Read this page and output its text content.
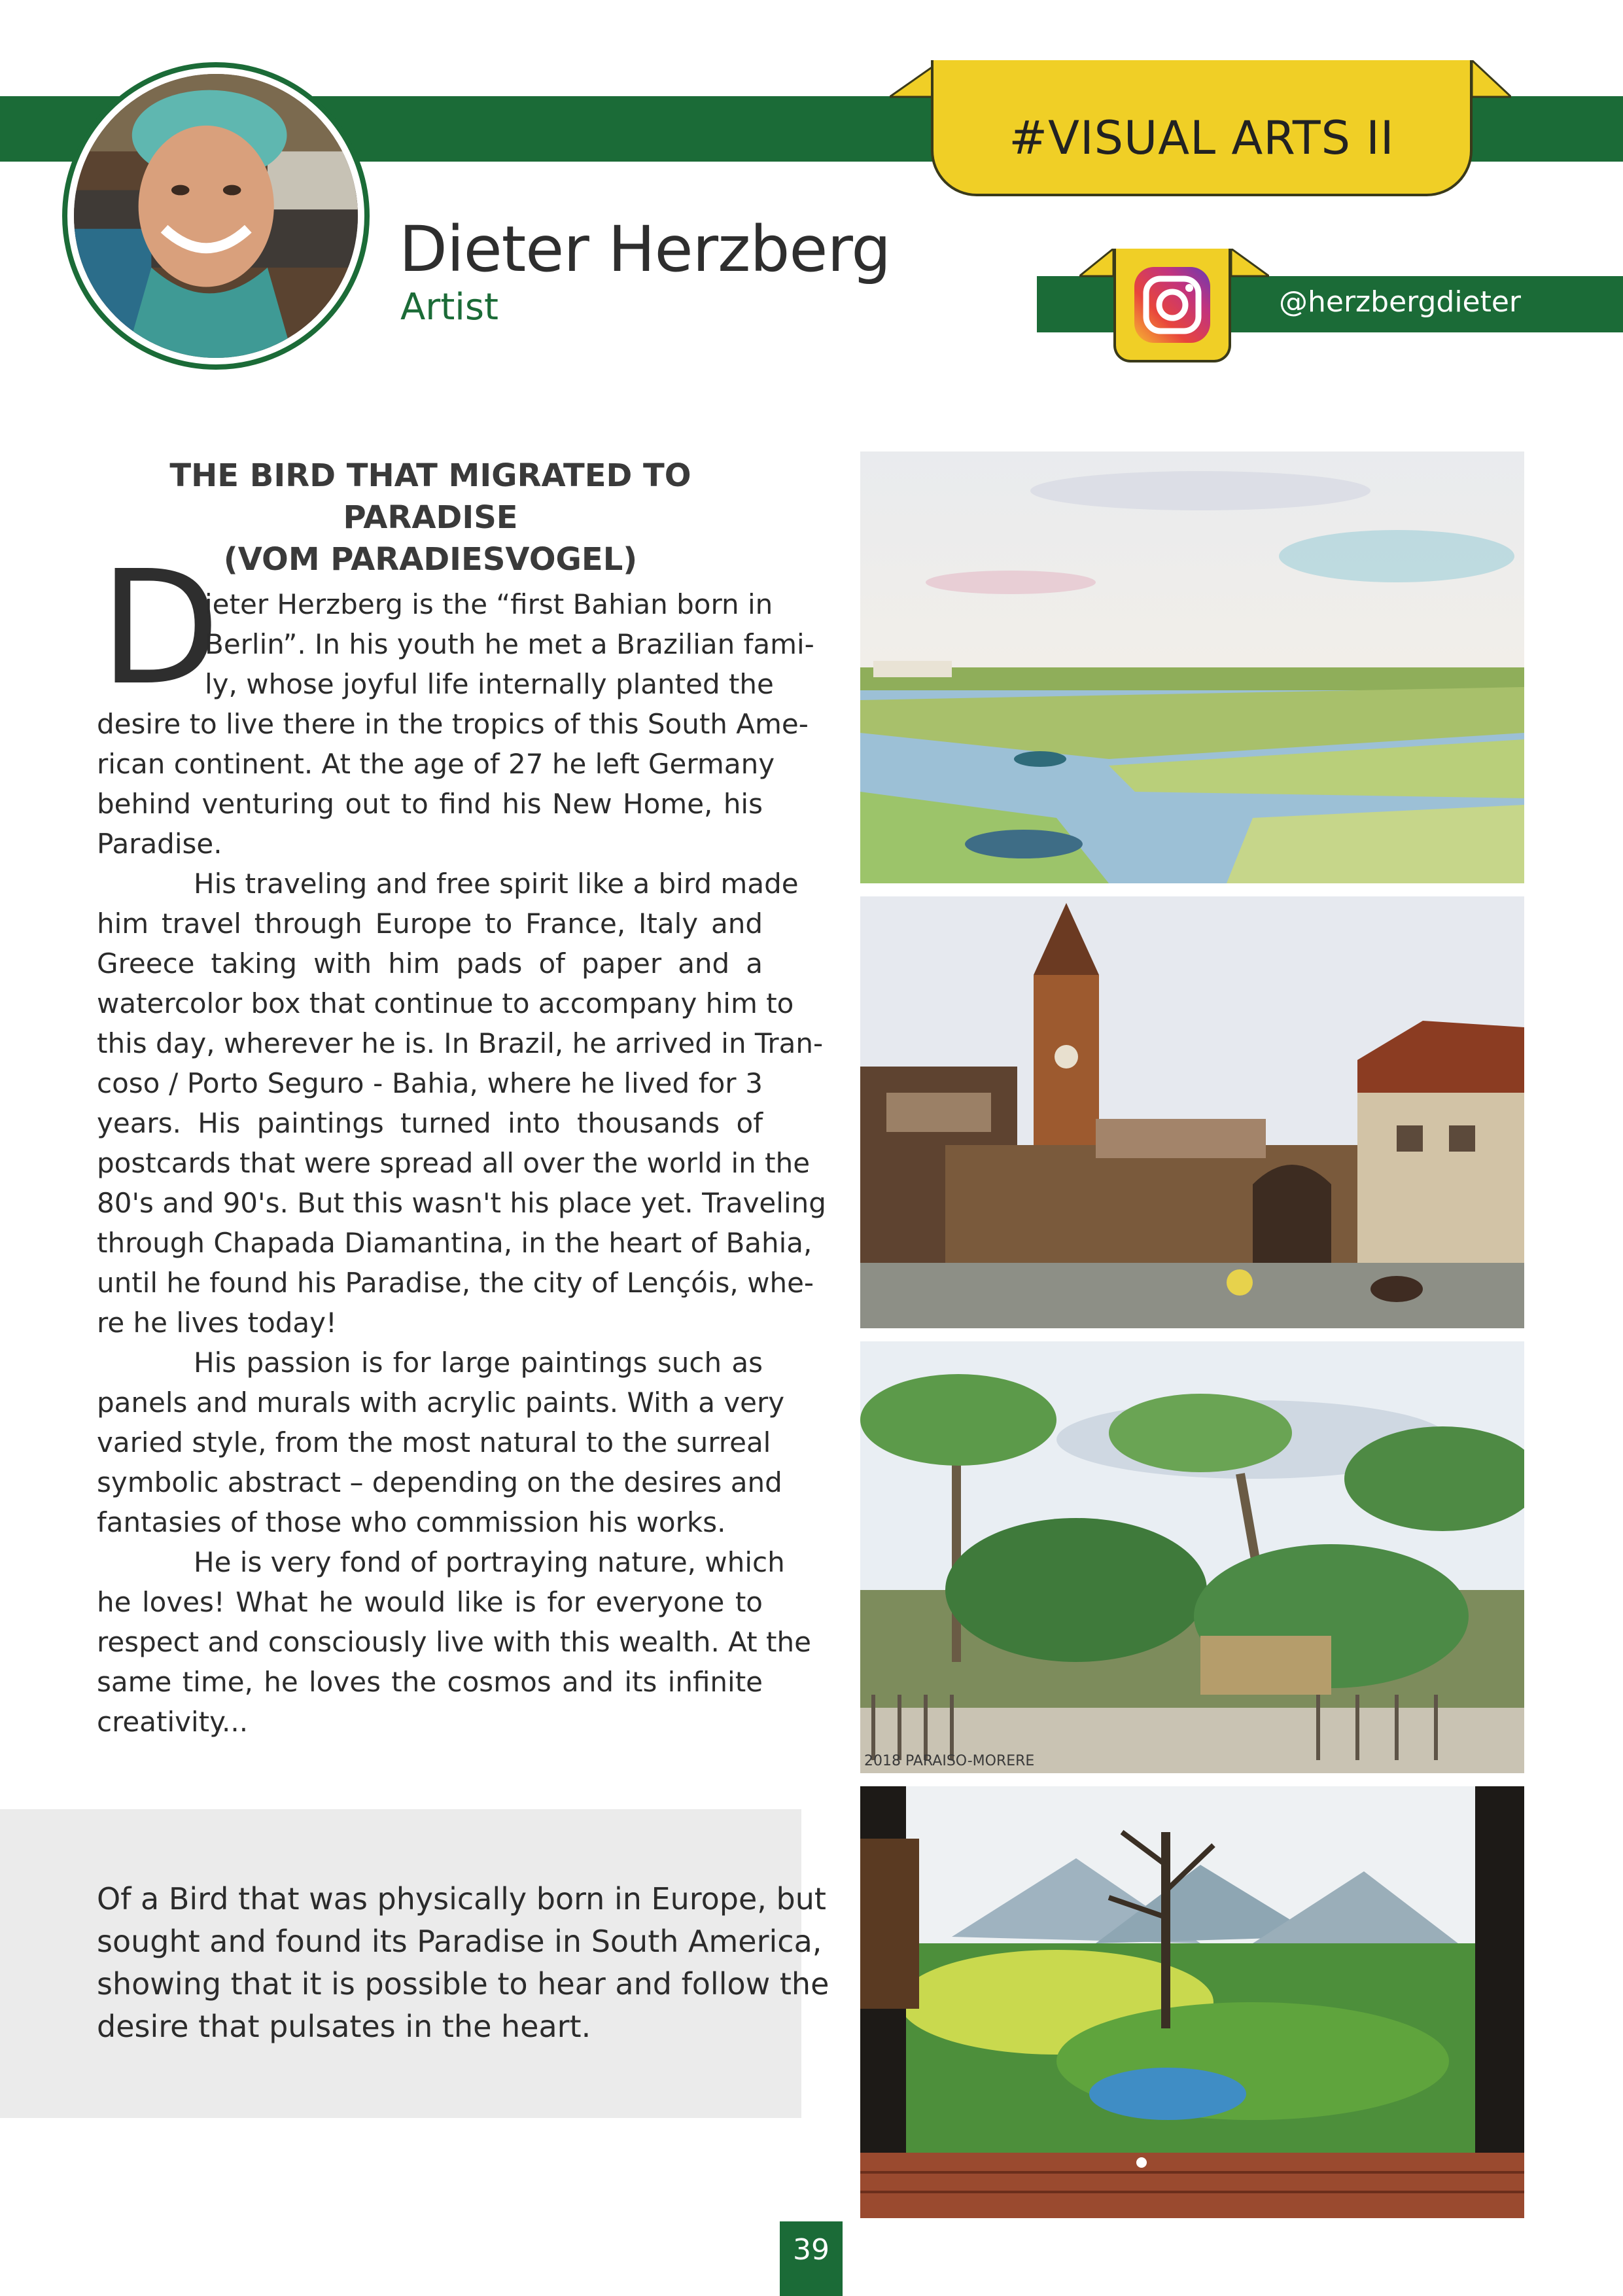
#VISUAL ARTS II
Dieter Herzberg
Artist	@herzbergdieter
THE BIRD THAT MIGRATED TO PARADISE
(VOM PARADIESVOGEL)
D
ieter Herzberg is the “first Bahian born in
Berlin”. In his youth he met a Brazilian fami-
ly, whose joyful life internally planted the
desire to live there in the tropics of this South Ame-
rican continent. At the age of 27 he left Germany
behind venturing out to find his New Home, his
Paradise.
His traveling and free spirit like a bird made
him travel through Europe to France, Italy and
Greece taking with him pads of paper and a
watercolor box that continue to accompany him to
this day, wherever he is. In Brazil, he arrived in Tran-
coso / Porto Seguro - Bahia, where he lived for 3
years. His paintings turned into thousands of
postcards that were spread all over the world in the
80's and 90's. But this wasn't his place yet. Traveling
through Chapada Diamantina, in the heart of Bahia,
until he found his Paradise, the city of Lençóis, whe-
re he lives today!
His passion is for large paintings such as
panels and murals with acrylic paints. With a very
varied style, from the most natural to the surreal
symbolic abstract – depending on the desires and
fantasies of those who commission his works.
He is very fond of portraying nature, which
he loves! What he would like is for everyone to
respect and consciously live with this wealth. At the
same time, he loves the cosmos and its infinite
creativity...
Of a Bird that was physically born in Europe, but
sought and found its Paradise in South America,
showing that it is possible to hear and follow the
desire that pulsates in the heart.
2018 PARAISO-MORERE
39
